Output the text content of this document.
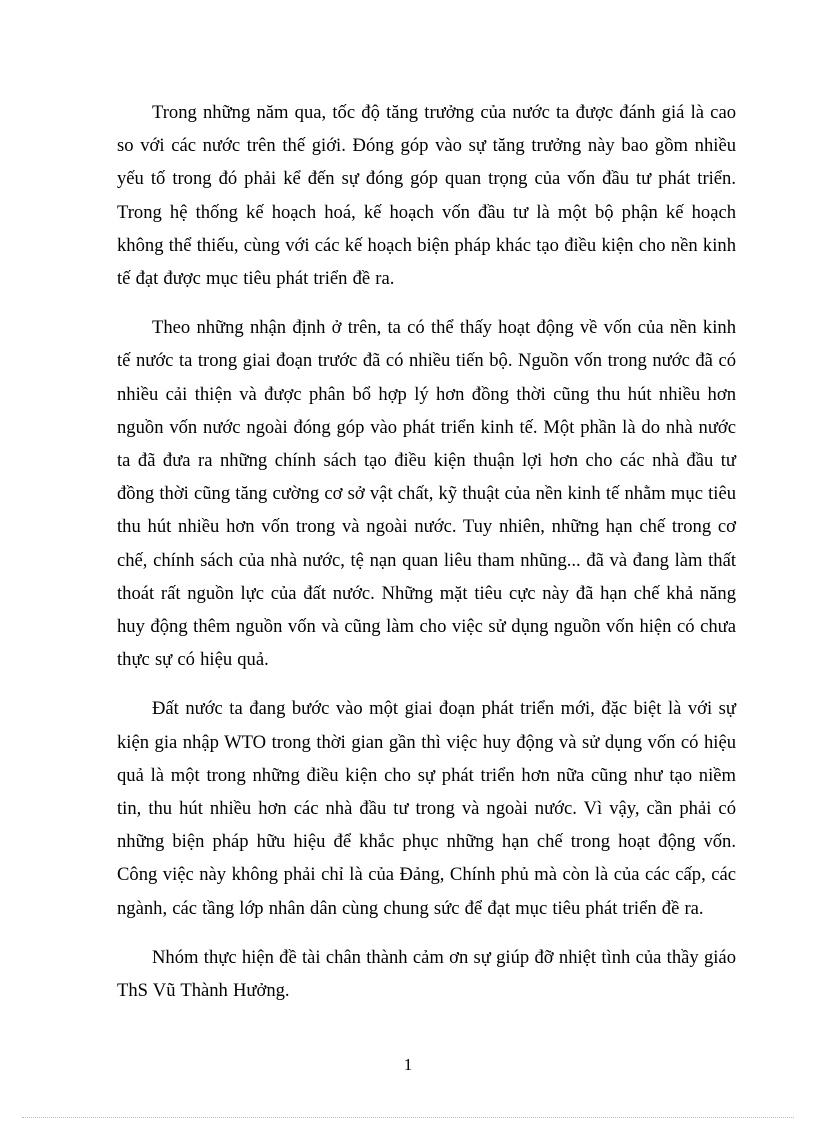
Trong những năm qua, tốc độ tăng trưởng của nước ta được đánh giá là cao so với các nước trên thế giới. Đóng góp vào sự tăng trưởng này bao gồm nhiều yếu tố trong đó phải kể đến sự đóng góp quan trọng của vốn đầu tư phát triển. Trong hệ thống kế hoạch hoá, kế hoạch vốn đầu tư là một bộ phận kế hoạch không thể thiếu, cùng với các kế hoạch biện pháp khác tạo điều kiện cho nền kinh tế đạt được mục tiêu phát triển đề ra.

Theo những nhận định ở trên, ta có thể thấy hoạt động về vốn của nền kinh tế nước ta trong giai đoạn trước đã có nhiều tiến bộ. Nguồn vốn trong nước đã có nhiều cải thiện và được phân bổ hợp lý hơn đồng thời cũng thu hút nhiều hơn nguồn vốn nước ngoài đóng góp vào phát triển kinh tế. Một phần là do nhà nước ta đã đưa ra những chính sách tạo điều kiện thuận lợi hơn cho các nhà đầu tư đồng thời cũng tăng cường cơ sở vật chất, kỹ thuật của nền kinh tế nhằm mục tiêu thu hút nhiều hơn vốn trong và ngoài nước. Tuy nhiên, những hạn chế trong cơ chế, chính sách của nhà nước, tệ nạn quan liêu tham nhũng... đã và đang làm thất thoát rất nguồn lực của đất nước. Những mặt tiêu cực này đã hạn chế khả năng huy động thêm nguồn vốn và cũng làm cho việc sử dụng nguồn vốn hiện có chưa thực sự có hiệu quả.

Đất nước ta đang bước vào một giai đoạn phát triển mới, đặc biệt là với sự kiện gia nhập WTO trong thời gian gần thì việc huy động và sử dụng vốn có hiệu quả là một trong những điều kiện cho sự phát triển hơn nữa cũng như tạo niềm tin, thu hút nhiều hơn các nhà đầu tư trong và ngoài nước. Vì vậy, cần phải có những biện pháp hữu hiệu để khắc phục những hạn chế trong hoạt động vốn. Công việc này không phải chỉ là của Đảng, Chính phủ mà còn là của các cấp, các ngành, các tầng lớp nhân dân cùng chung sức để đạt mục tiêu phát triển đề ra.

Nhóm thực hiện đề tài chân thành cảm ơn sự giúp đỡ nhiệt tình của thầy giáo ThS Vũ Thành Hưởng.

1
